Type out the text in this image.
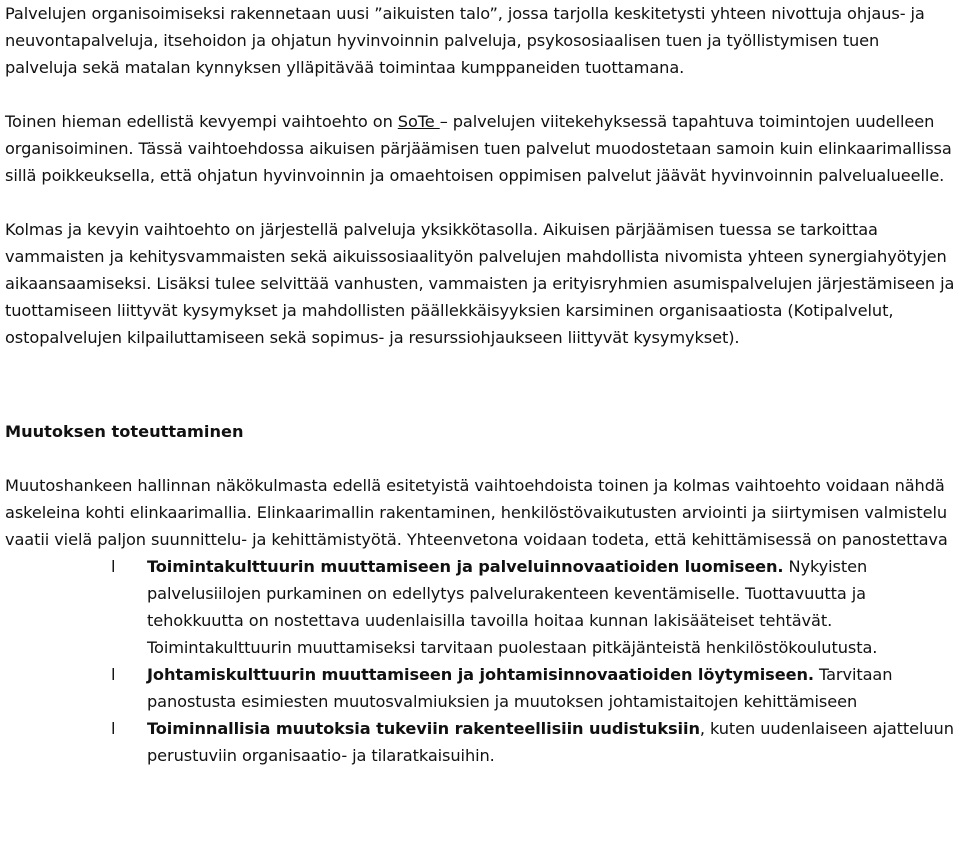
Palvelujen organisoimiseksi rakennetaan uusi ”aikuisten talo”, jossa tarjolla keskitetysti yhteen nivottuja ohjaus- ja neuvontapalveluja, itsehoidon ja ohjatun hyvinvoinnin palveluja, psykososiaalisen tuen ja työllistymisen tuen palveluja sekä matalan kynnyksen ylläpitävää toimintaa kumppaneiden tuottamana.

Toinen hieman edellistä kevyempi vaihtoehto on SoTe – palvelujen viitekehyksessä tapahtuva toimintojen uudelleen organisoiminen. Tässä vaihtoehdossa aikuisen pärjäämisen tuen palvelut muodostetaan samoin kuin elinkaarimallissa sillä poikkeuksella, että ohjatun hyvinvoinnin ja omaehtoisen oppimisen palvelut jäävät hyvinvoinnin palvelualueelle.

Kolmas ja kevyin vaihtoehto on järjestellä palveluja yksikkötasolla. Aikuisen pärjäämisen tuessa se tarkoittaa vammaisten ja kehitysvammaisten sekä aikuissosiaalityön palvelujen mahdollista nivomista yhteen synergiahyötyjen aikaansaamiseksi. Lisäksi tulee selvittää vanhusten, vammaisten ja erityisryhmien asumispalvelujen järjestämiseen ja tuottamiseen liittyvät kysymykset ja mahdollisten päällekkäisyyksien karsiminen organisaatiosta (Kotipalvelut, ostopalvelujen kilpailuttamiseen sekä sopimus- ja resurssiohjaukseen liittyvät kysymykset).

Muutoksen toteuttaminen

Muutoshankeen hallinnan näkökulmasta edellä esitetyistä vaihtoehdoista toinen ja kolmas vaihtoehto voidaan nähdä askeleina kohti elinkaarimallia. Elinkaarimallin rakentaminen, henkilöstövaikutusten arviointi ja siirtymisen valmistelu vaatii vielä paljon suunnittelu- ja kehittämistyötä. Yhteenvetona voidaan todeta, että kehittämisessä on panostettava

l Toimintakulttuurin muuttamiseen ja palveluinnovaatioiden luomiseen. Nykyisten palvelusiilojen purkaminen on edellytys palvelurakenteen keventämiselle. Tuottavuutta ja tehokkuutta on nostettava uudenlaisilla tavoilla hoitaa kunnan lakisääteiset tehtävät. Toimintakulttuurin muuttamiseksi tarvitaan puolestaan pitkäjänteistä henkilöstökoulutusta.
l Johtamiskulttuurin muuttamiseen ja johtamisinnovaatioiden löytymiseen. Tarvitaan panostusta esimiesten muutosvalmiuksien ja muutoksen johtamistaitojen kehittämiseen
l Toiminnallisia muutoksia tukeviin rakenteellisiin uudistuksiin, kuten uudenlaiseen ajatteluun perustuviin organisaatio- ja tilaratkaisuihin.
